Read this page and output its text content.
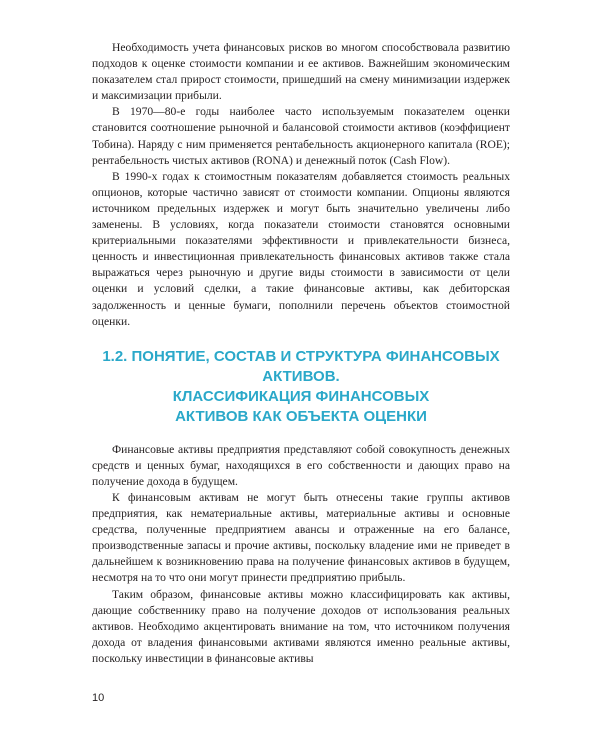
Необходимость учета финансовых рисков во многом способствовала развитию подходов к оценке стоимости компании и ее активов. Важнейшим экономическим показателем стал прирост стоимости, пришедший на смену минимизации издержек и максимизации прибыли.

В 1970—80-е годы наиболее часто используемым показателем оценки становится соотношение рыночной и балансовой стоимости активов (коэффициент Тобина). Наряду с ним применяется рентабельность акционерного капитала (ROE); рентабельность чистых активов (RONA) и денежный поток (Cash Flow).

В 1990-х годах к стоимостным показателям добавляется стоимость реальных опционов, которые частично зависят от стоимости компании. Опционы являются источником предельных издержек и могут быть значительно увеличены либо заменены. В условиях, когда показатели стоимости становятся основными критериальными показателями эффективности и привлекательности бизнеса, ценность и инвестиционная привлекательность финансовых активов также стала выражаться через рыночную и другие виды стоимости в зависимости от цели оценки и условий сделки, а такие финансовые активы, как дебиторская задолженность и ценные бумаги, пополнили перечень объектов стоимостной оценки.

1.2. ПОНЯТИЕ, СОСТАВ И СТРУКТУРА ФИНАНСОВЫХ АКТИВОВ.
КЛАССИФИКАЦИЯ ФИНАНСОВЫХ
АКТИВОВ КАК ОБЪЕКТА ОЦЕНКИ

Финансовые активы предприятия представляют собой совокупность денежных средств и ценных бумаг, находящихся в его собственности и дающих право на получение дохода в будущем.

К финансовым активам не могут быть отнесены такие группы активов предприятия, как нематериальные активы, материальные активы и основные средства, полученные предприятием авансы и отраженные на его балансе, производственные запасы и прочие активы, поскольку владение ими не приведет в дальнейшем к возникновению права на получение финансовых активов в будущем, несмотря на то что они могут принести предприятию прибыль.

Таким образом, финансовые активы можно классифицировать как активы, дающие собственнику право на получение доходов от использования реальных активов. Необходимо акцентировать внимание на том, что источником получения дохода от владения финансовыми активами являются именно реальные активы, поскольку инвестиции в финансовые активы

10
